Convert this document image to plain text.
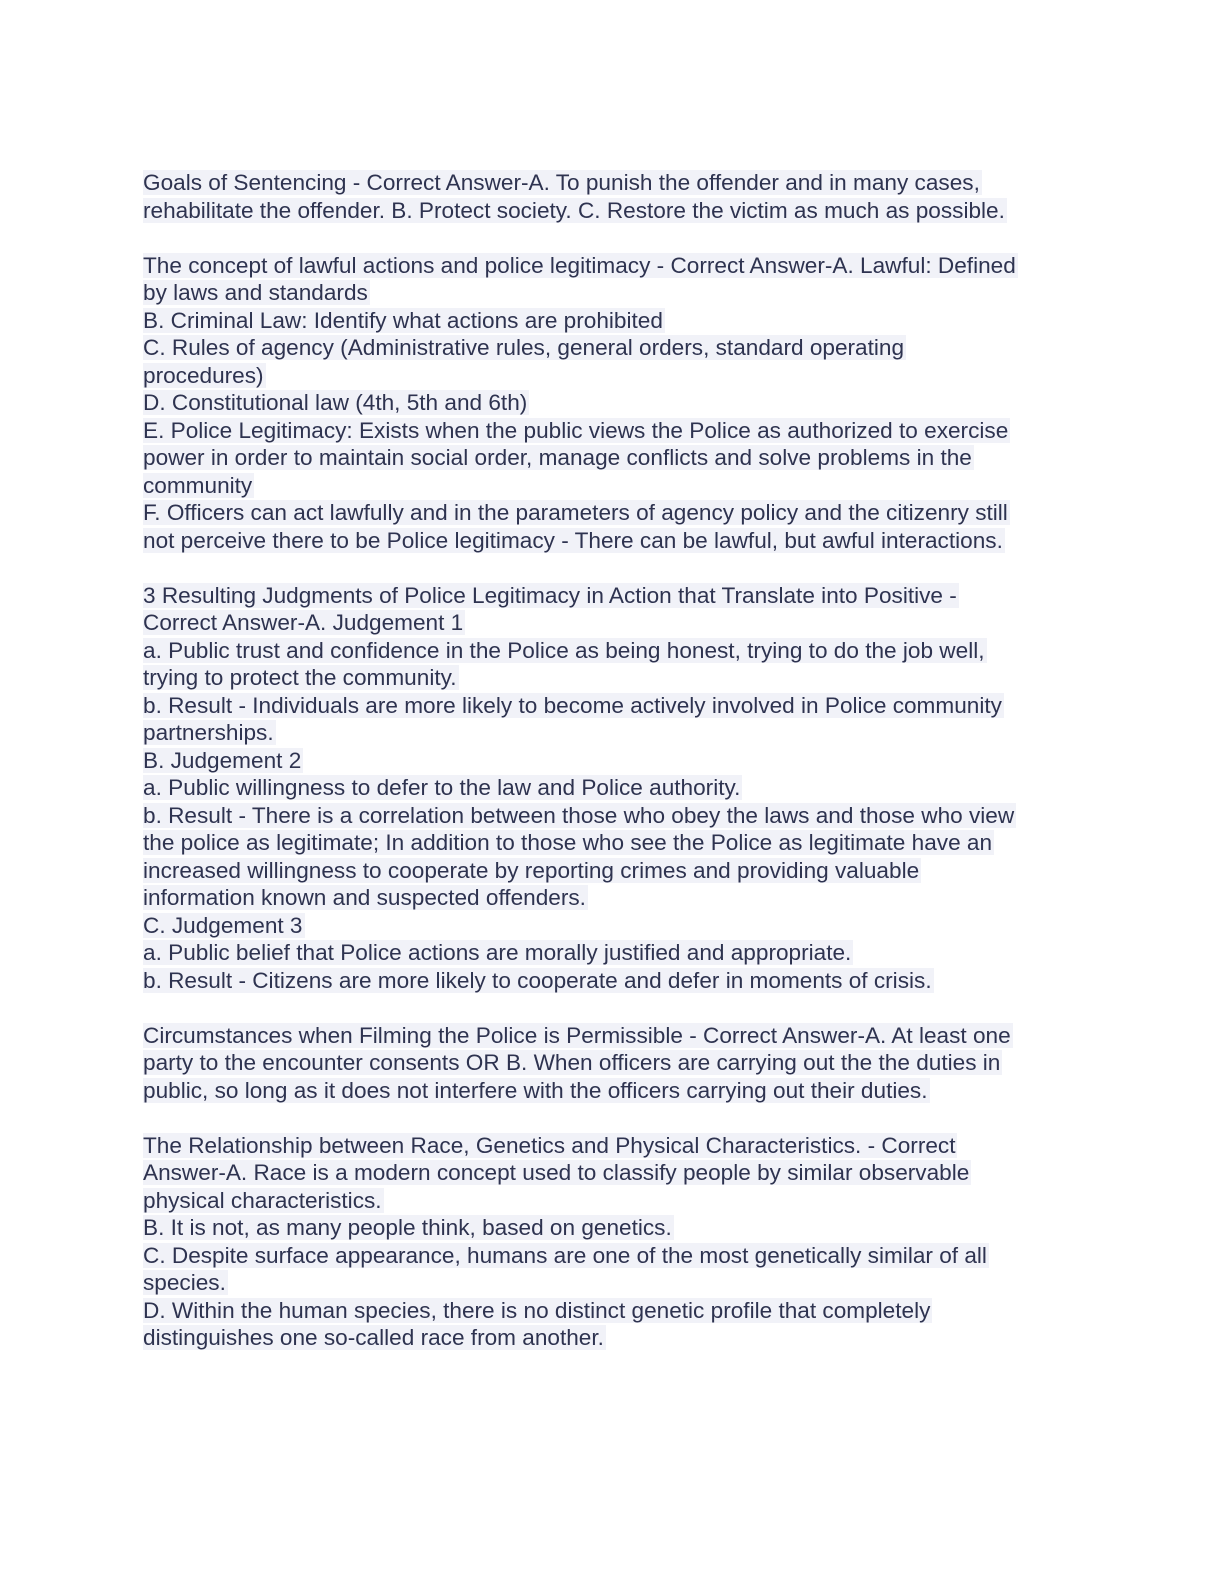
Goals of Sentencing - Correct Answer-A. To punish the offender and in many cases,
rehabilitate the offender. B. Protect society. C. Restore the victim as much as possible.
The concept of lawful actions and police legitimacy - Correct Answer-A. Lawful: Defined
by laws and standards
B. Criminal Law: Identify what actions are prohibited
C. Rules of agency (Administrative rules, general orders, standard operating
procedures)
D. Constitutional law (4th, 5th and 6th)
E. Police Legitimacy: Exists when the public views the Police as authorized to exercise
power in order to maintain social order, manage conflicts and solve problems in the
community
F. Officers can act lawfully and in the parameters of agency policy and the citizenry still
not perceive there to be Police legitimacy - There can be lawful, but awful interactions.
3 Resulting Judgments of Police Legitimacy in Action that Translate into Positive -
Correct Answer-A. Judgement 1
a. Public trust and confidence in the Police as being honest, trying to do the job well,
trying to protect the community.
b. Result - Individuals are more likely to become actively involved in Police community
partnerships.
B. Judgement 2
a. Public willingness to defer to the law and Police authority.
b. Result - There is a correlation between those who obey the laws and those who view
the police as legitimate; In addition to those who see the Police as legitimate have an
increased willingness to cooperate by reporting crimes and providing valuable
information known and suspected offenders.
C. Judgement 3
a. Public belief that Police actions are morally justified and appropriate.
b. Result - Citizens are more likely to cooperate and defer in moments of crisis.
Circumstances when Filming the Police is Permissible - Correct Answer-A. At least one
party to the encounter consents OR B. When officers are carrying out the the duties in
public, so long as it does not interfere with the officers carrying out their duties.
The Relationship between Race, Genetics and Physical Characteristics. - Correct
Answer-A. Race is a modern concept used to classify people by similar observable
physical characteristics.
B. It is not, as many people think, based on genetics.
C. Despite surface appearance, humans are one of the most genetically similar of all
species.
D. Within the human species, there is no distinct genetic profile that completely
distinguishes one so-called race from another.
